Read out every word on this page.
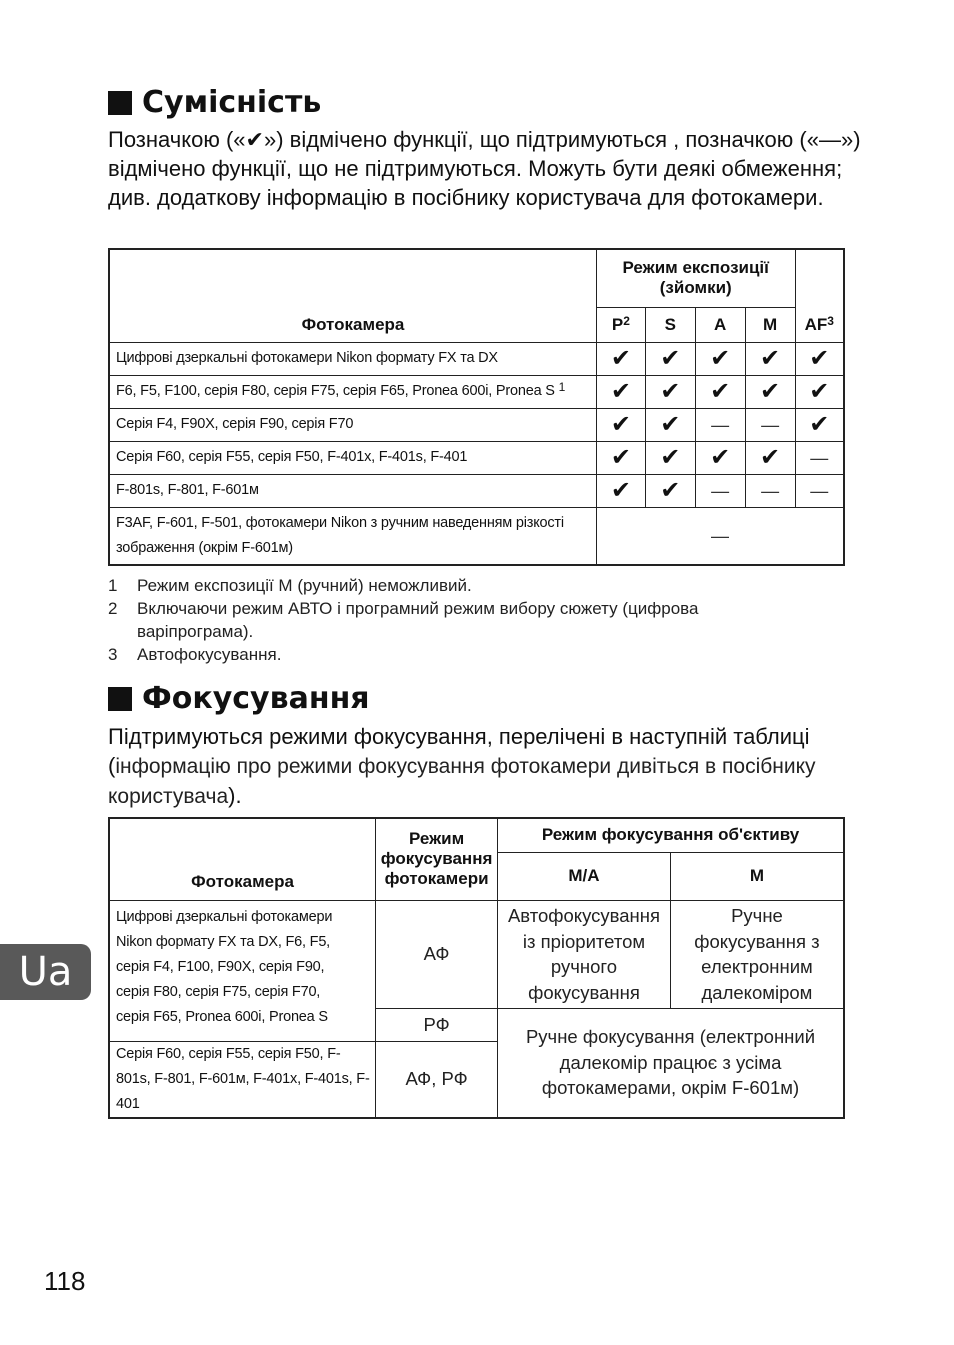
Сумісність
Позначкою («✔») відмічено функції, що підтримуються , позначкою («—») відмічено функції, що не підтримуються. Можуть бути деякі обмеження; див. додаткову інформацію в посібнику користувача для фотокамери.
Фотокамера	Режим експозиції (зйомки)				$AF^3$
	$P^2$	S	A	M	
Цифрові дзеркальні фотокамери Nikon формату FX та DX	✔	✔	✔	✔	✔
F6, F5, F100, серія F80, серія F75, серія F65, Pronea 600i, Pronea S $^1$	✔	✔	✔	✔	✔
Серія F4, F90X, серія F90, серія F70	✔	✔	—	—	✔
Серія F60, серія F55, серія F50, F-401x, F-401s, F-401	✔	✔	✔	✔	—
F-801s, F-801, F-601м	✔	✔	—	—	—
F3AF, F-601, F-501, фотокамери Nikon з ручним наведенням різкості зображення (окрім F-601м)	—				
1	Режим експозиції M (ручний) неможливий.
2	Включаючи режим АВТО і програмний режим вибору сюжету (цифрова варіпрограма).
3	Автофокусування.
Фокусування
Підтримуються режими фокусування, перелічені в наступній таблиці (інформацію про режими фокусування фотокамери дивіться в посібнику користувача).
Фотокамера	Режим фокусування фотокамери	Режим фокусування об'єктиву	
		M/A	M
Цифрові дзеркальні фотокамери Nikon формату FX та DX, F6, F5, серія F4, F100, F90X, серія F90, серія F80, серія F75, серія F70, серія F65, Pronea 600i, Pronea S	АФ	Автофокусування із пріоритетом ручного фокусування	Ручне фокусування з електронним далекоміром
	РФ	Ручне фокусування (електронний далекомір працює з усіма фотокамерами, окрім F-601м)	
Серія F60, серія F55, серія F50, F-801s, F-801, F-601м, F-401x, F-401s, F-401	АФ, РФ		
Ua
118
